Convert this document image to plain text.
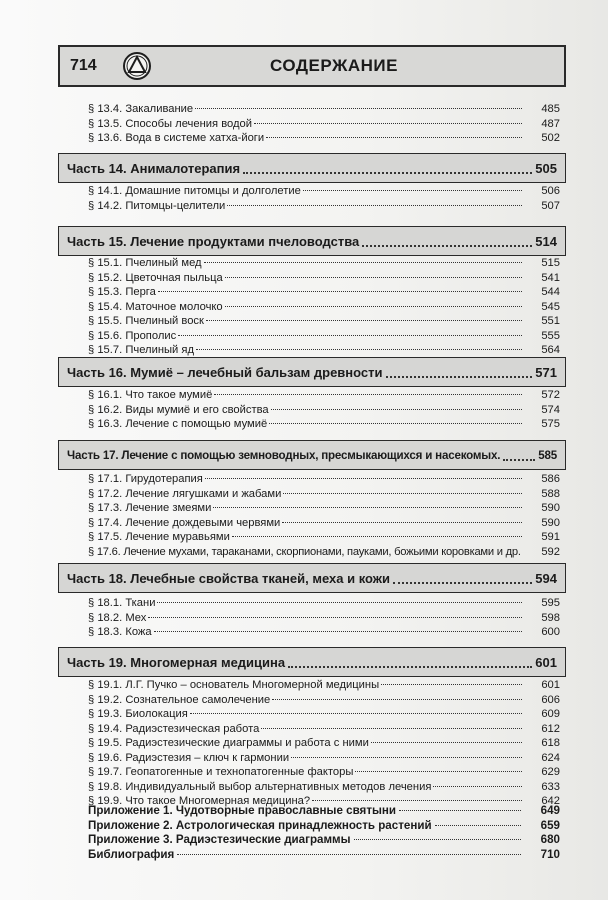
714	СОДЕРЖАНИЕ
§ 13.4. Закаливание	485
§ 13.5. Способы лечения водой	487
§ 13.6. Вода в системе хатха-йоги	502
Часть 14. Анималотерапия	505
§ 14.1. Домашние питомцы и долголетие	506
§ 14.2. Питомцы-целители	507
Часть 15. Лечение продуктами пчеловодства	514
§ 15.1. Пчелиный мед	515
§ 15.2. Цветочная пыльца	541
§ 15.3. Перга	544
§ 15.4. Маточное молочко	545
§ 15.5. Пчелиный воск	551
§ 15.6. Прополис	555
§ 15.7. Пчелиный яд	564
Часть 16. Мумиё – лечебный бальзам древности	571
§ 16.1. Что такое мумиё	572
§ 16.2. Виды мумиё и его свойства	574
§ 16.3. Лечение с помощью мумиё	575
Часть 17. Лечение с помощью земноводных, пресмыкающихся и насекомых.	585
§ 17.1. Гирудотерапия	586
§ 17.2. Лечение лягушками и жабами	588
§ 17.3. Лечение змеями	590
§ 17.4. Лечение дождевыми червями	590
§ 17.5. Лечение муравьями	591
§ 17.6. Лечение мухами, тараканами, скорпионами, пауками, божьими коровками и др.	592
Часть 18. Лечебные свойства тканей, меха и кожи	594
§ 18.1. Ткани	595
§ 18.2. Мех	598
§ 18.3. Кожа	600
Часть 19. Многомерная медицина	601
§ 19.1. Л.Г. Пучко – основатель Многомерной медицины	601
§ 19.2. Сознательное самолечение	606
§ 19.3. Биолокация	609
§ 19.4. Радиэстезическая работа	612
§ 19.5. Радиэстезические диаграммы и работа с ними	618
§ 19.6. Радиэстезия – ключ к гармонии	624
§ 19.7. Геопатогенные и технопатогенные факторы	629
§ 19.8. Индивидуальный выбор альтернативных методов лечения	633
§ 19.9. Что такое Многомерная медицина?	642
Приложение 1. Чудотворные православные святыни	649
Приложение 2. Астрологическая принадлежность растений	659
Приложение 3. Радиэстезические диаграммы	680
Библиография	710
